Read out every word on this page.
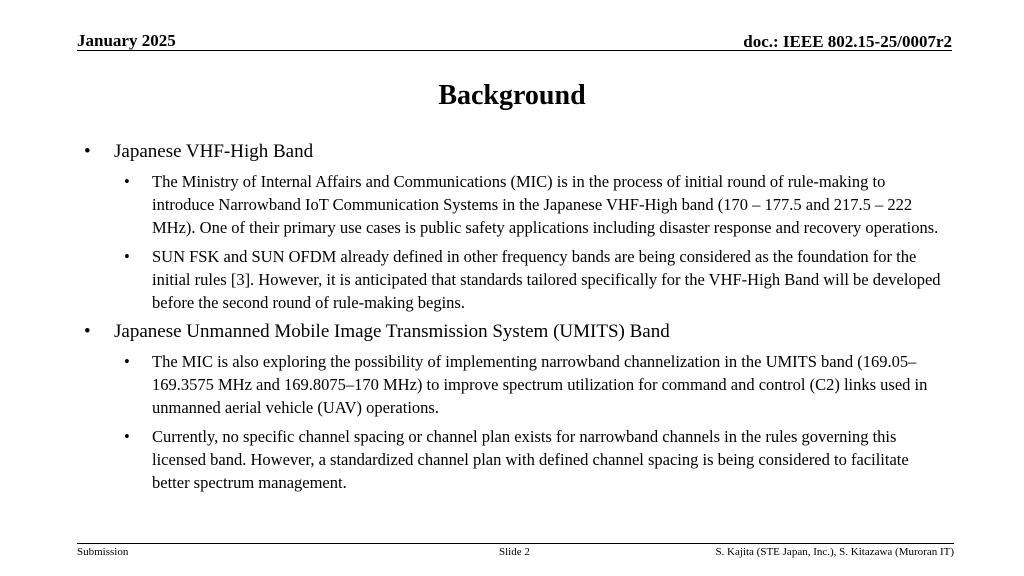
January 2025	doc.: IEEE 802.15-25/0007r2
Background
• Japanese VHF-High Band
• The Ministry of Internal Affairs and Communications (MIC) is in the process of initial round of rule-making to introduce Narrowband IoT Communication Systems in the Japanese VHF-High band (170 – 177.5 and 217.5 – 222 MHz). One of their primary use cases is public safety applications including disaster response and recovery operations.
• SUN FSK and SUN OFDM already defined in other frequency bands are being considered as the foundation for the initial rules [3]. However, it is anticipated that standards tailored specifically for the VHF-High Band will be developed before the second round of rule-making begins.
• Japanese Unmanned Mobile Image Transmission System (UMITS) Band
• The MIC is also exploring the possibility of implementing narrowband channelization in the UMITS band (169.05–169.3575 MHz and 169.8075–170 MHz) to improve spectrum utilization for command and control (C2) links used in unmanned aerial vehicle (UAV) operations.
• Currently, no specific channel spacing or channel plan exists for narrowband channels in the rules governing this licensed band. However, a standardized channel plan with defined channel spacing is being considered to facilitate better spectrum management.
Submission	Slide 2	S. Kajita (STE Japan, Inc.), S. Kitazawa (Muroran IT)
